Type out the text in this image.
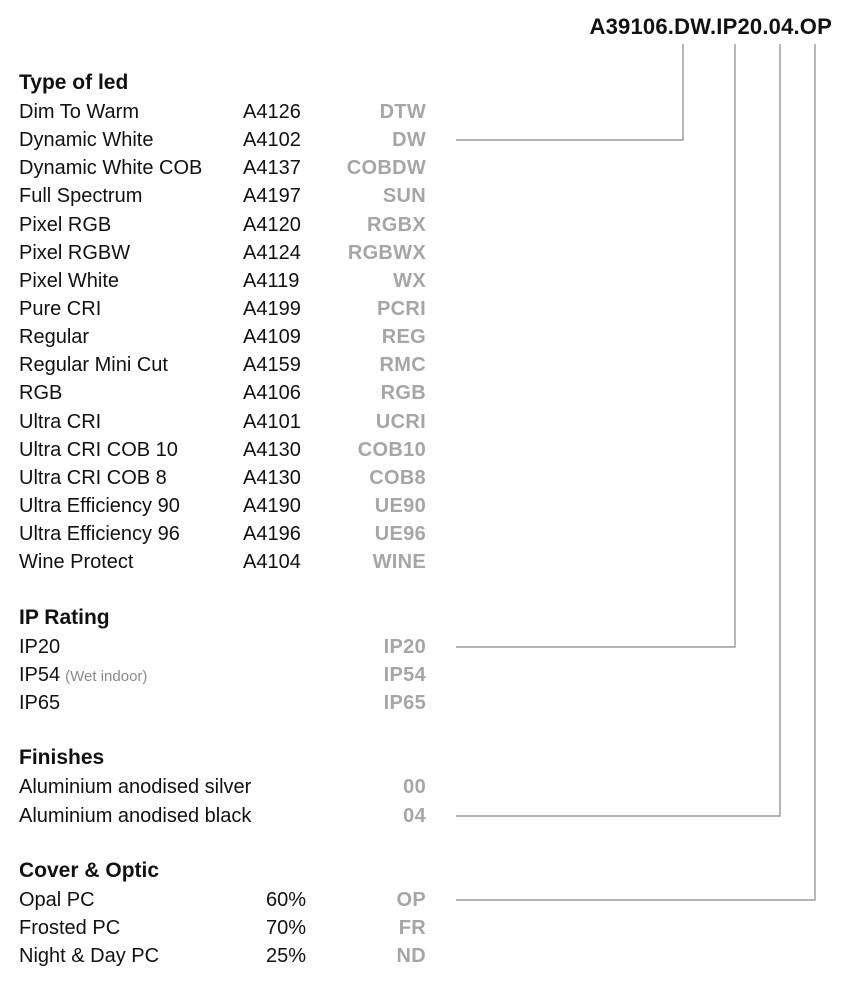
A39106.DW.IP20.04.OP
Type of led
Dim To Warm	A4126	DTW
Dynamic White	A4102	DW
Dynamic White COB A4137 COBDW
Full Spectrum	A4197	SUN
Pixel RGB	A4120	RGBX
Pixel RGBW	A4124 RGBWX
Pixel White	A4119	WX
Pure CRI	A4199	PCRI
Regular	A4109	REG
Regular Mini Cut	A4159	RMC
RGB	A4106	RGB
Ultra CRI	A4101	UCRI
Ultra CRI COB 10	A4130	COB10
Ultra CRI COB 8	A4130	COB8
Ultra Efficiency 90	A4190	UE90
Ultra Efficiency 96	A4196	UE96
Wine Protect	A4104	WINE
IP Rating
IP20	IP20
IP54 (Wet indoor)	IP54
IP65	IP65
Finishes
Aluminium anodised silver	00
Aluminium anodised black	04
Cover & Optic
Opal PC	60%	OP
Frosted PC	70%	FR
Night & Day PC	25%	ND
